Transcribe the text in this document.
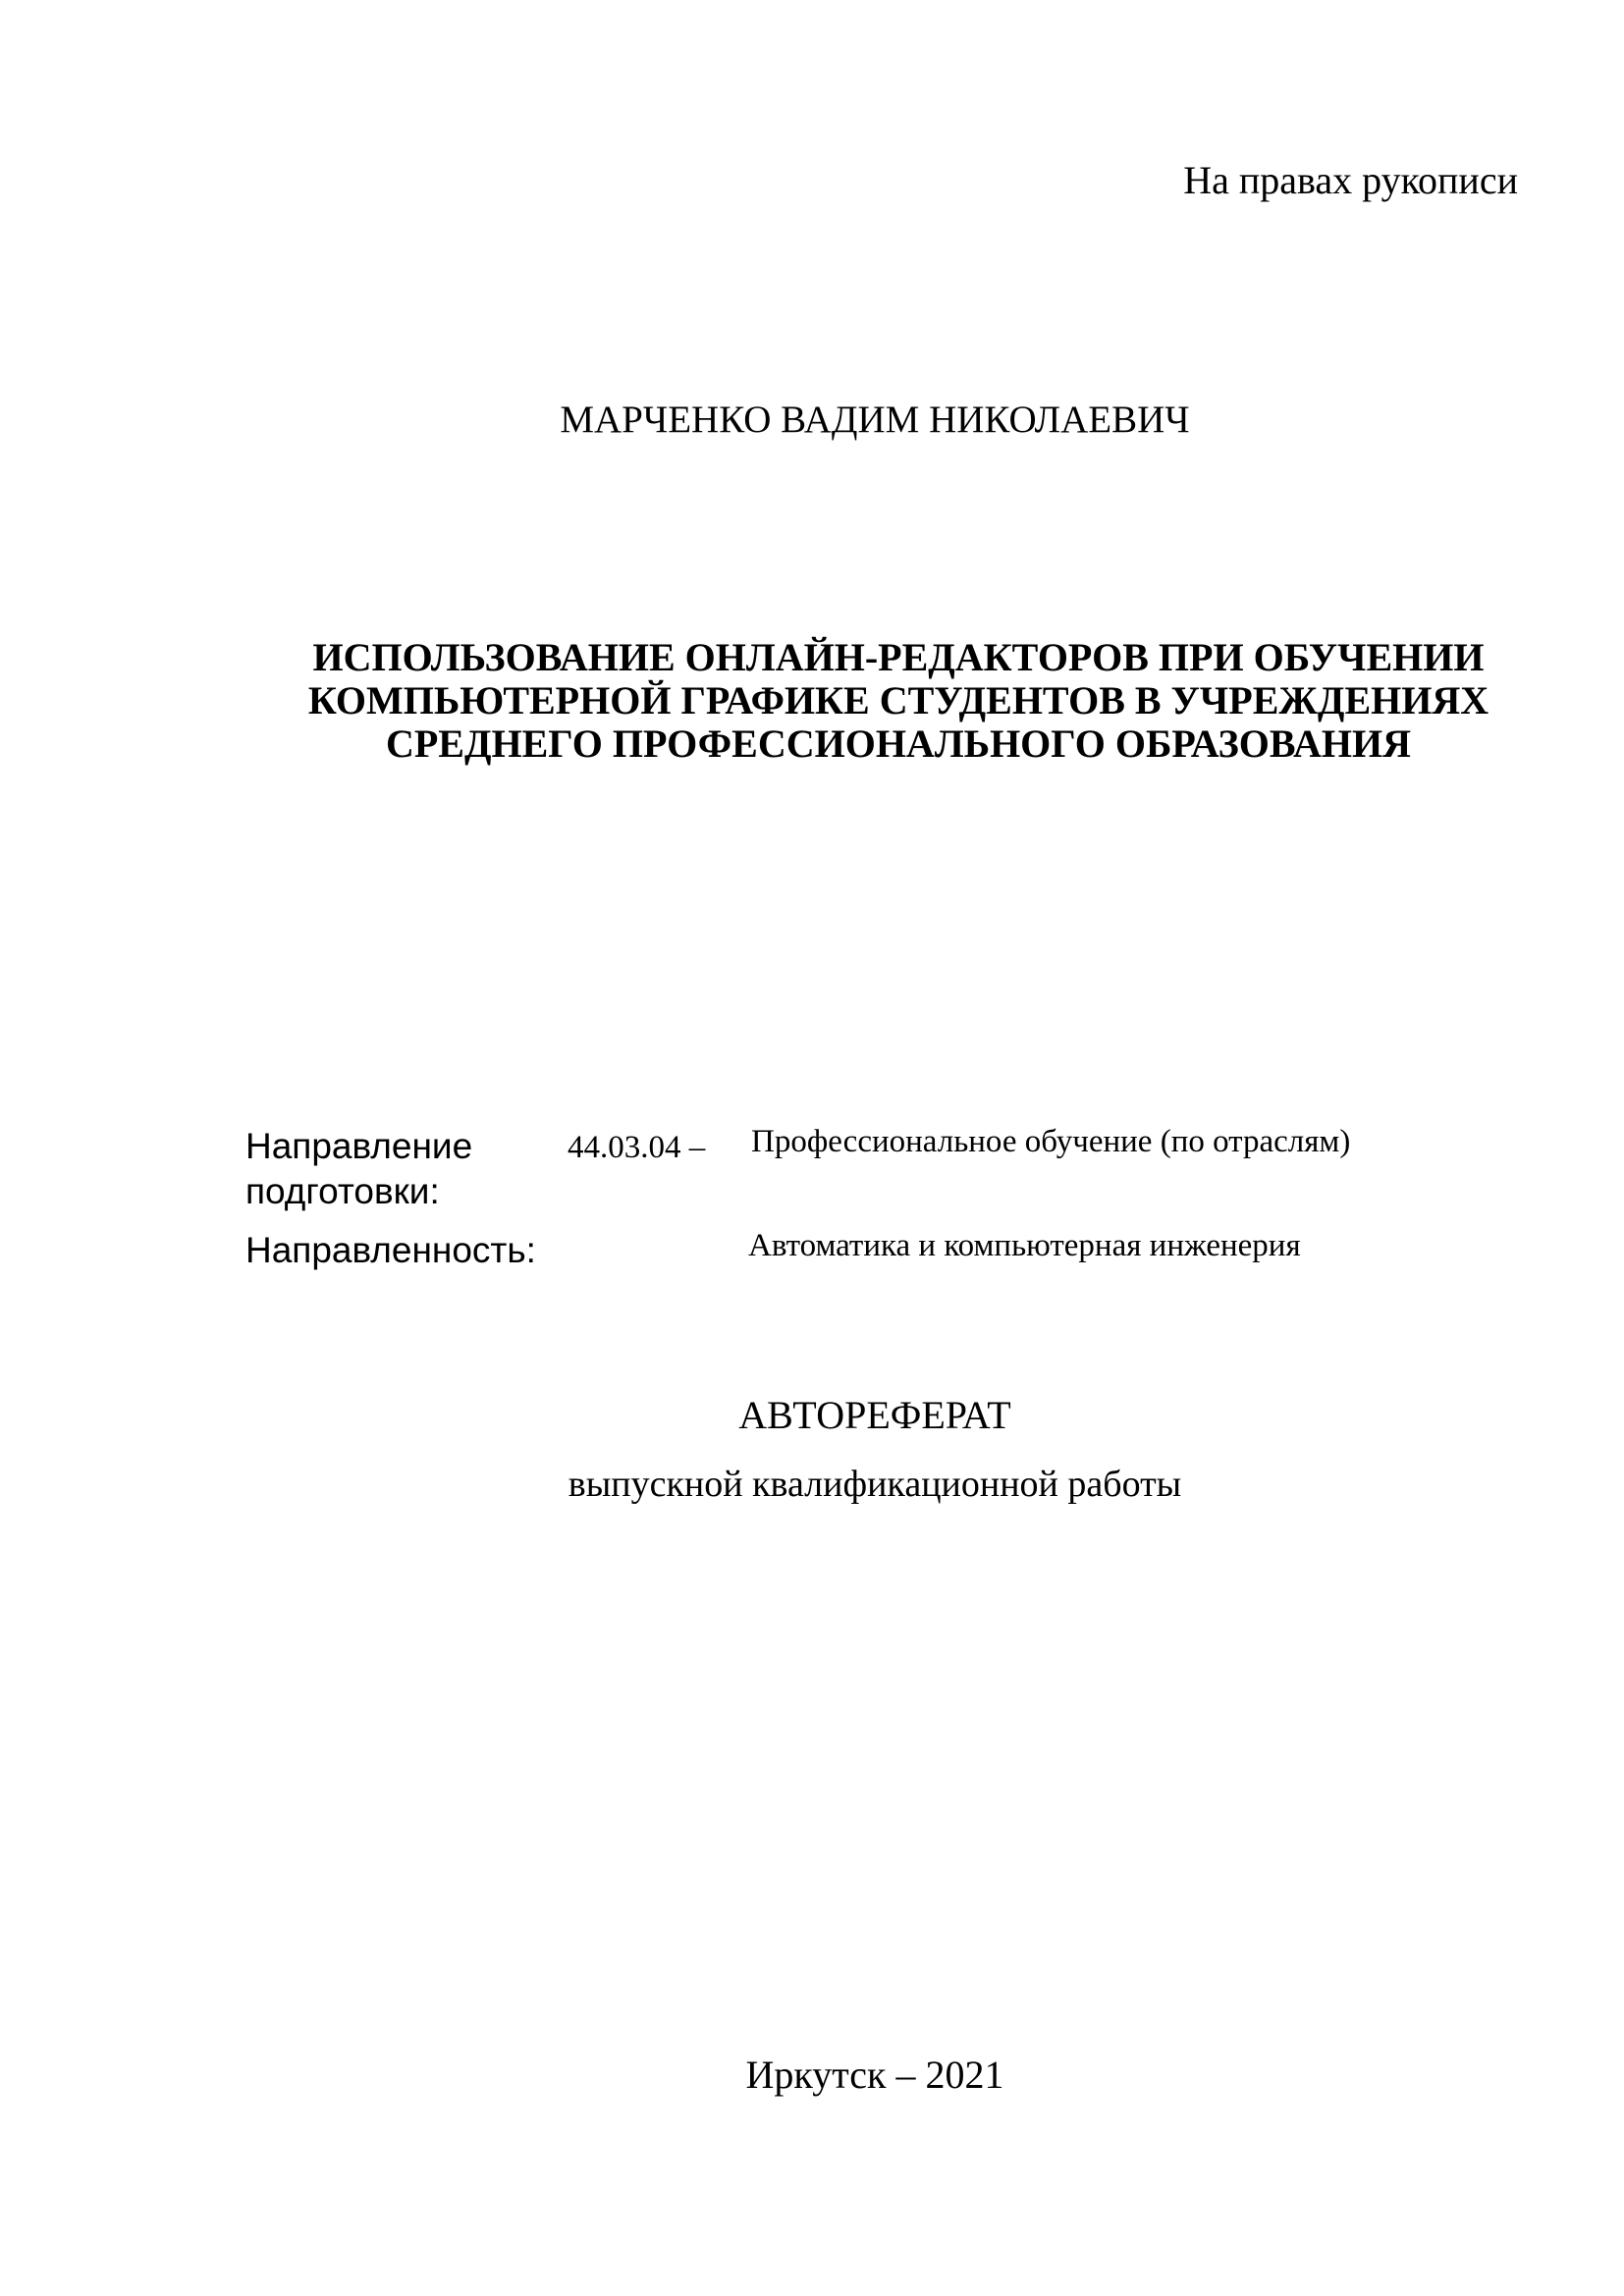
На правах рукописи
МАРЧЕНКО ВАДИМ НИКОЛАЕВИЧ
ИСПОЛЬЗОВАНИЕ ОНЛАЙН-РЕДАКТОРОВ ПРИ ОБУЧЕНИИ
КОМПЬЮТЕРНОЙ ГРАФИКЕ СТУДЕНТОВ В УЧРЕЖДЕНИЯХ
СРЕДНЕГО ПРОФЕССИОНАЛЬНОГО ОБРАЗОВАНИЯ
Направление
подготовки:
44.03.04 – Профессиональное обучение (по отраслям)
Направленность:	Автоматика и компьютерная инженерия
АВТОРЕФЕРАТ
выпускной квалификационной работы
Иркутск – 2021
